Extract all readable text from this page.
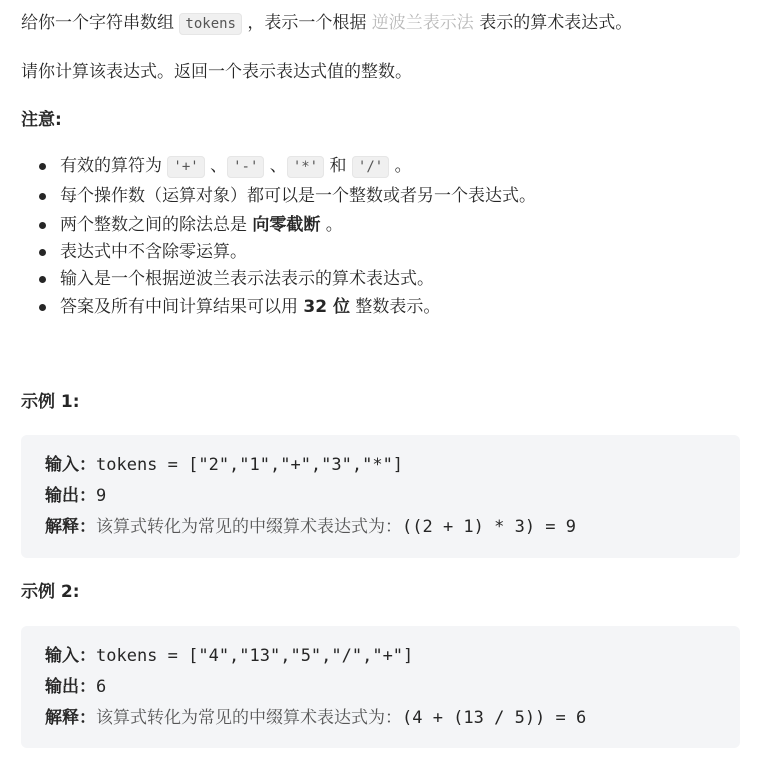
给你一个字符串数组 tokens ，表示一个根据 逆波兰表示法 表示的算术表达式。
请你计算该表达式。返回一个表示表达式值的整数。
注意:
有效的算符为 '+' 、 '-' 、 '*' 和 '/' 。
每个操作数（运算对象）都可以是一个整数或者另一个表达式。
两个整数之间的除法总是 向零截断 。
表达式中不含除零运算。
输入是一个根据逆波兰表示法表示的算术表达式。
答案及所有中间计算结果可以用 32 位 整数表示。
示例 1:
输入：tokens = ["2","1","+","3","*"]
输出：9
解释：该算式转化为常见的中缀算术表达式为：((2 + 1) * 3) = 9
示例 2:
输入：tokens = ["4","13","5","/","+"]
输出：6
解释：该算式转化为常见的中缀算术表达式为：(4 + (13 / 5)) = 6
